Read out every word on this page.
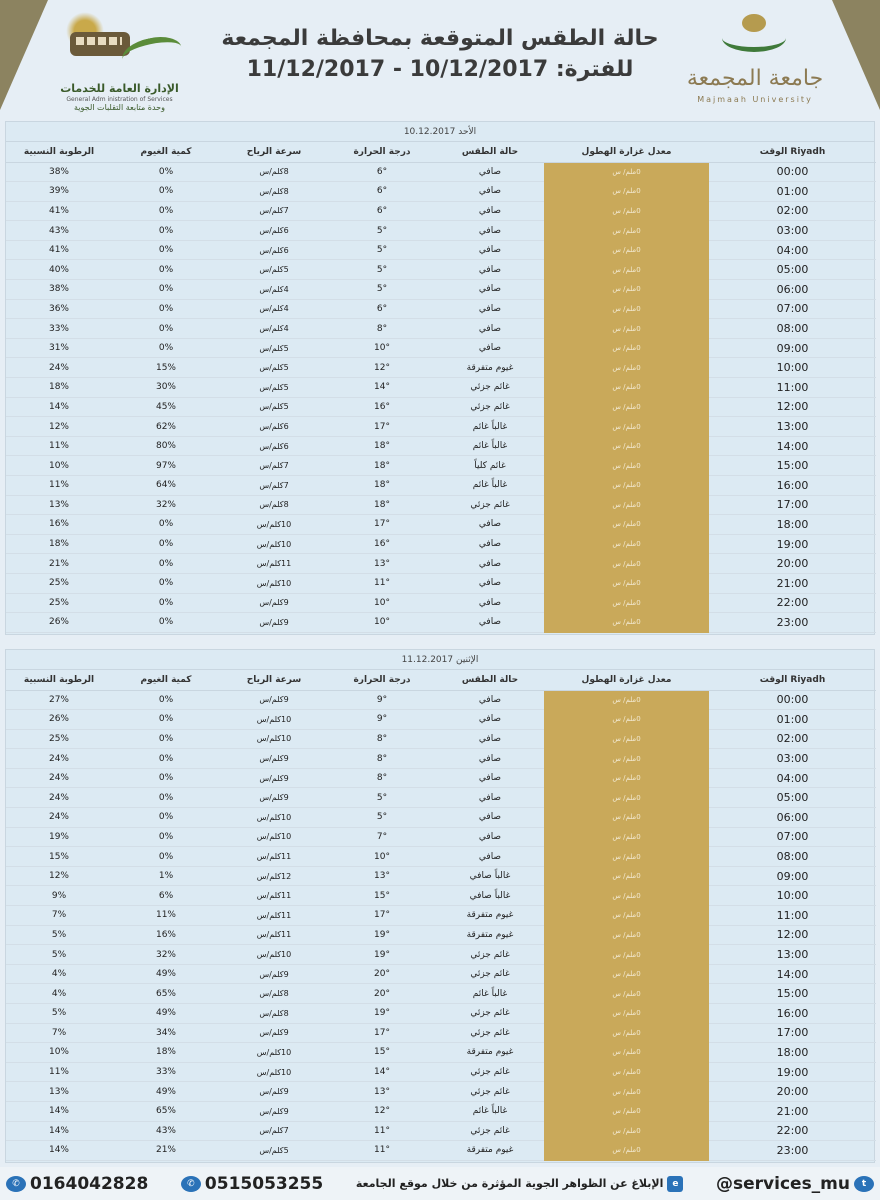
الإدارة العامة للخدمات
General Adm inistration of Services
وحدة متابعة التقلبات الجوية
حالة الطقس المتوقعة بمحافظة المجمعة
للفترة: 10/12/2017 - 11/12/2017	جامعة المجمعة
Majmaah University
الأحد 10.12.2017
الرطوبة النسبية	كمية الغيوم	سرعة الرياح	درجة الحرارة	حالة الطقس	معدل غزارة الهطول	Riyadh الوقت
38%	0%	8كلم/س	6°	صافي	0ملم/ س	00:00
39%	0%	8كلم/س	6°	صافي	0ملم/ س	01:00
41%	0%	7كلم/س	6°	صافي	0ملم/ س	02:00
43%	0%	6كلم/س	5°	صافي	0ملم/ س	03:00
41%	0%	6كلم/س	5°	صافي	0ملم/ س	04:00
40%	0%	5كلم/س	5°	صافي	0ملم/ س	05:00
38%	0%	4كلم/س	5°	صافي	0ملم/ س	06:00
36%	0%	4كلم/س	6°	صافي	0ملم/ س	07:00
33%	0%	4كلم/س	8°	صافي	0ملم/ س	08:00
31%	0%	5كلم/س	10°	صافي	0ملم/ س	09:00
24%	15%	5كلم/س	12°	غيوم متفرقة	0ملم/ س	10:00
18%	30%	5كلم/س	14°	غائم جزئي	0ملم/ س	11:00
14%	45%	5كلم/س	16°	غائم جزئي	0ملم/ س	12:00
12%	62%	6كلم/س	17°	غالباً غائم	0ملم/ س	13:00
11%	80%	6كلم/س	18°	غالباً غائم	0ملم/ س	14:00
10%	97%	7كلم/س	18°	غائم كلياً	0ملم/ س	15:00
11%	64%	7كلم/س	18°	غالباً غائم	0ملم/ س	16:00
13%	32%	8كلم/س	18°	غائم جزئي	0ملم/ س	17:00
16%	0%	10كلم/س	17°	صافي	0ملم/ س	18:00
18%	0%	10كلم/س	16°	صافي	0ملم/ س	19:00
21%	0%	11كلم/س	13°	صافي	0ملم/ س	20:00
25%	0%	10كلم/س	11°	صافي	0ملم/ س	21:00
25%	0%	9كلم/س	10°	صافي	0ملم/ س	22:00
26%	0%	9كلم/س	10°	صافي	0ملم/ س	23:00
الإثنين 11.12.2017
الرطوبة النسبية	كمية الغيوم	سرعة الرياح	درجة الحرارة	حالة الطقس	معدل غزارة الهطول	Riyadh الوقت
27%	0%	9كلم/س	9°	صافي	0ملم/ س	00:00
26%	0%	10كلم/س	9°	صافي	0ملم/ س	01:00
25%	0%	10كلم/س	8°	صافي	0ملم/ س	02:00
24%	0%	9كلم/س	8°	صافي	0ملم/ س	03:00
24%	0%	9كلم/س	8°	صافي	0ملم/ س	04:00
24%	0%	9كلم/س	5°	صافي	0ملم/ س	05:00
24%	0%	10كلم/س	5°	صافي	0ملم/ س	06:00
19%	0%	10كلم/س	7°	صافي	0ملم/ س	07:00
15%	0%	11كلم/س	10°	صافي	0ملم/ س	08:00
12%	1%	12كلم/س	13°	غالباً صافي	0ملم/ س	09:00
9%	6%	11كلم/س	15°	غالباً صافي	0ملم/ س	10:00
7%	11%	11كلم/س	17°	غيوم متفرقة	0ملم/ س	11:00
5%	16%	11كلم/س	19°	غيوم متفرقة	0ملم/ س	12:00
5%	32%	10كلم/س	19°	غائم جزئي	0ملم/ س	13:00
4%	49%	9كلم/س	20°	غائم جزئي	0ملم/ س	14:00
4%	65%	8كلم/س	20°	غالباً غائم	0ملم/ س	15:00
5%	49%	8كلم/س	19°	غائم جزئي	0ملم/ س	16:00
7%	34%	9كلم/س	17°	غائم جزئي	0ملم/ س	17:00
10%	18%	10كلم/س	15°	غيوم متفرقة	0ملم/ س	18:00
11%	33%	10كلم/س	14°	غائم جزئي	0ملم/ س	19:00
13%	49%	9كلم/س	13°	غائم جزئي	0ملم/ س	20:00
14%	65%	9كلم/س	12°	غالباً غائم	0ملم/ س	21:00
14%	43%	7كلم/س	11°	غائم جزئي	0ملم/ س	22:00
14%	21%	5كلم/س	11°	غيوم متفرقة	0ملم/ س	23:00
✆ 0164042828	✆ 0515053255	الإبلاغ عن الظواهر الجوية المؤثرة من خلال موقع الجامعة e @services_mu	t
